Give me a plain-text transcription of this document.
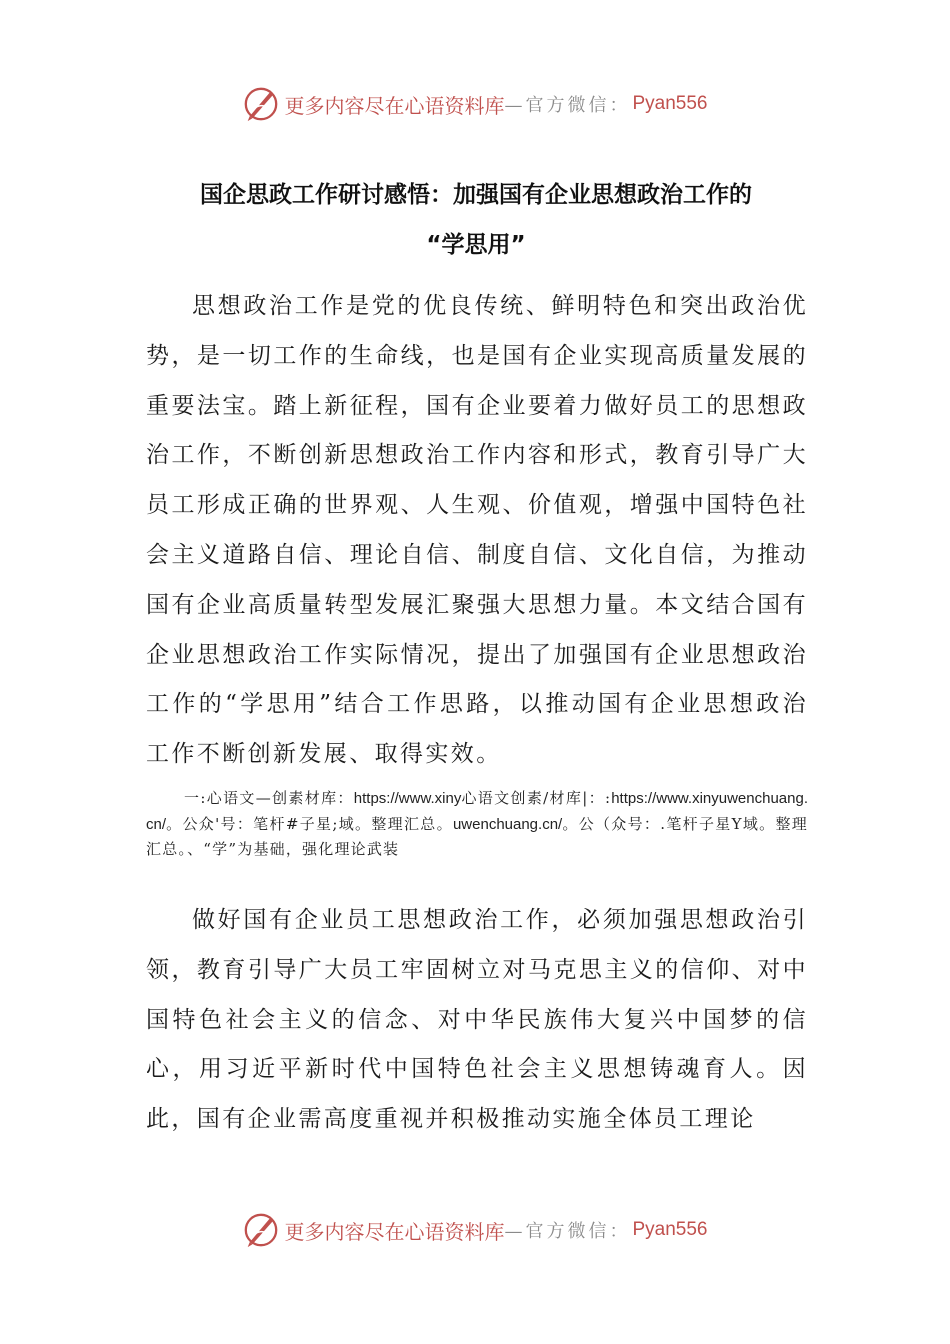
更多内容尽在心语资料库 —官方微信： Pyan556
国企思政工作研讨感悟：加强国有企业思想政治工作的
“学思用”

思想政治工作是党的优良传统、鲜明特色和突出政治优势，是一切工作的生命线，也是国有企业实现高质量发展的重要法宝。踏上新征程，国有企业要着力做好员工的思想政治工作，不断创新思想政治工作内容和形式，教育引导广大员工形成正确的世界观、人生观、价值观，增强中国特色社会主义道路自信、理论自信、制度自信、文化自信，为推动国有企业高质量转型发展汇聚强大思想力量。本文结合国有企业思想政治工作实际情况，提出了加强国有企业思想政治工作的“学思用”结合工作思路，以推动国有企业思想政治工作不断创新发展、取得实效。

一:心语文—创素材库：https://www.xiny心语文创素/材库|：:https://www.xinyuwenchuang.cn/。公众'号：笔杆#子星;域。整理汇总。uwenchuang.cn/。公（众号：.笔杆子星Y域。整理汇总。、“学”为基础，强化理论武装

做好国有企业员工思想政治工作，必须加强思想政治引领，教育引导广大员工牢固树立对马克思主义的信仰、对中国特色社会主义的信念、对中华民族伟大复兴中国梦的信心，用习近平新时代中国特色社会主义思想铸魂育人。因此，国有企业需高度重视并积极推动实施全体员工理论

更多内容尽在心语资料库 —官方微信： Pyan556
